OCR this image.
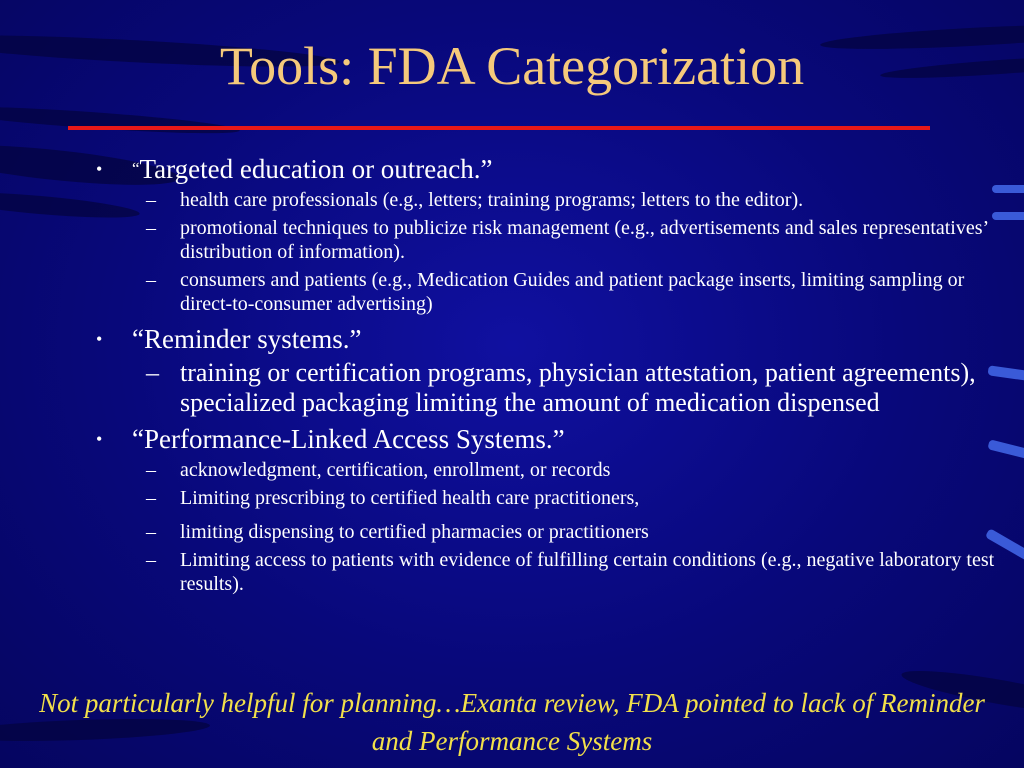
Tools: FDA Categorization
•	“Targeted education or outreach.”
– health care professionals (e.g., letters; training programs; letters to the editor).
– promotional techniques to publicize risk management (e.g., advertisements and sales representatives’ distribution of information).
– consumers and patients (e.g., Medication Guides and patient package inserts, limiting sampling or direct-to-consumer advertising)
•	“Reminder systems.”
– training or certification programs, physician attestation, patient agreements), specialized packaging limiting the amount of medication dispensed
•	“Performance-Linked Access Systems.”
– acknowledgment, certification, enrollment, or records
– Limiting prescribing to certified health care practitioners,
– limiting dispensing to certified pharmacies or practitioners
– Limiting access to patients with evidence of fulfilling certain conditions (e.g., negative laboratory test results).
Not particularly helpful for planning…Exanta review, FDA pointed to lack of Reminder and Performance Systems
